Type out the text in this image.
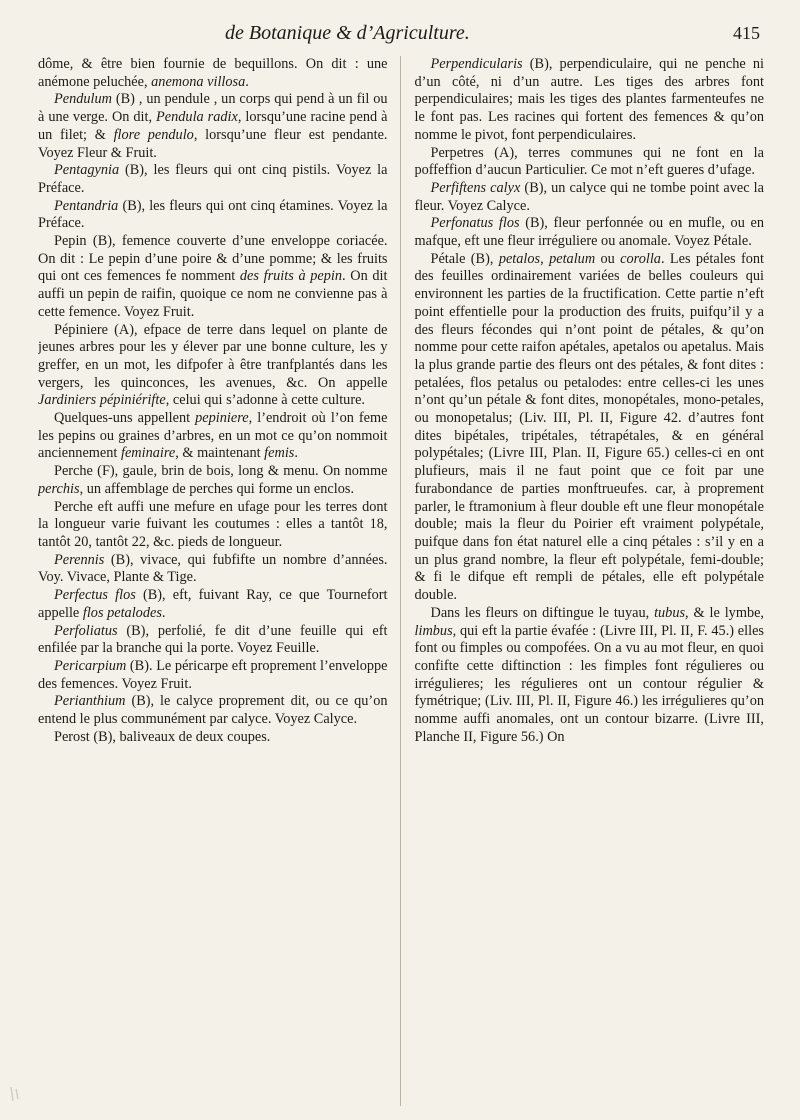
de Botanique & d’Agriculture.	415

dôme, & être bien fournie de bequillons. On dit : une anémone peluchée, anemona villosa.

Pendulum (B) , un pendule , un corps qui pend à un fil ou à une verge. On dit, Pendula radix, lorsqu’une racine pend à un filet; & flore pendulo, lorsqu’une fleur est pendante. Voyez Fleur & Fruit.

Pentagynia (B), les fleurs qui ont cinq pistils. Voyez la Préface.

Pentandria (B), les fleurs qui ont cinq étamines. Voyez la Préface.

Pepin (B), femence couverte d’une enveloppe coriacée. On dit : Le pepin d’une poire & d’une pomme; & les fruits qui ont ces femences fe nomment des fruits à pepin. On dit auffi un pepin de raifin, quoique ce nom ne convienne pas à cette femence. Voyez Fruit.

Pépiniere (A), efpace de terre dans lequel on plante de jeunes arbres pour les y élever par une bonne culture, les y greffer, en un mot, les difpofer à être tranfplantés dans les vergers, les quinconces, les avenues, &c. On appelle Jardiniers pépiniérifte, celui qui s’adonne à cette culture.

Quelques-uns appellent pepiniere, l’endroit où l’on feme les pepins ou graines d’arbres, en un mot ce qu’on nommoit anciennement feminaire, & maintenant femis.

Perche (F), gaule, brin de bois, long & menu. On nomme perchis, un affemblage de perches qui forme un enclos.

Perche eft auffi une mefure en ufage pour les terres dont la longueur varie fuivant les coutumes : elles a tantôt 18, tantôt 20, tantôt 22, &c. pieds de longueur.

Perennis (B), vivace, qui fubfifte un nombre d’années. Voy. Vivace, Plante & Tige.

Perfectus flos (B), eft, fuivant Ray, ce que Tournefort appelle flos petalodes.

Perfoliatus (B), perfolié, fe dit d’une feuille qui eft enfilée par la branche qui la porte. Voyez Feuille.

Pericarpium (B). Le péricarpe eft proprement l’enveloppe des femences. Voyez Fruit.

Perianthium (B), le calyce proprement dit, ou ce qu’on entend le plus communément par calyce. Voyez Calyce.

Perost (B), baliveaux de deux coupes.

Perpendicularis (B), perpendiculaire, qui ne penche ni d’un côté, ni d’un autre. Les tiges des arbres font perpendiculaires; mais les tiges des plantes farmenteufes ne le font pas. Les racines qui fortent des femences & qu’on nomme le pivot, font perpendiculaires.

Perpetres (A), terres communes qui ne font en la poffeffion d’aucun Particulier. Ce mot n’eft gueres d’ufage.

Perfiftens calyx (B), un calyce qui ne tombe point avec la fleur. Voyez Calyce.

Perfonatus flos (B), fleur perfonnée ou en mufle, ou en mafque, eft une fleur irréguliere ou anomale. Voyez Pétale.

Pétale (B), petalos, petalum ou corolla. Les pétales font des feuilles ordinairement variées de belles couleurs qui environnent les parties de la fructification. Cette partie n’eft point effentielle pour la production des fruits, puifqu’il y a des fleurs fécondes qui n’ont point de pétales, & qu’on nomme pour cette raifon apétales, apetalos ou apetalus. Mais la plus grande partie des fleurs ont des pétales, & font dites : petalées, flos petalus ou petalodes: entre celles-ci les unes n’ont qu’un pétale & font dites, monopétales, mono-petales, ou monopetalus; (Liv. III, Pl. II, Figure 42. d’autres font dites bipétales, tripétales, tétrapétales, & en général polypétales; (Livre III, Plan. II, Figure 65.) celles-ci en ont plufieurs, mais il ne faut point que ce foit par une furabondance de parties monftrueufes. car, à proprement parler, le ftramonium à fleur double eft une fleur monopétale double; mais la fleur du Poirier eft vraiment polypétale, puifque dans fon état naturel elle a cinq pétales : s’il y en a un plus grand nombre, la fleur eft polypétale, femi-double; & fi le difque eft rempli de pétales, elle eft polypétale double.

Dans les fleurs on diftingue le tuyau, tubus, & le lymbe, limbus, qui eft la partie évafée : (Livre III, Pl. II, F. 45.) elles font ou fimples ou compofées. On a vu au mot fleur, en quoi confifte cette diftinction : les fimples font régulieres ou irrégulieres; les régulieres ont un contour régulier & fymétrique; (Liv. III, Pl. II, Figure 46.) les irrégulieres qu’on nomme auffi anomales, ont un contour bizarre. (Livre III, Planche II, Figure 56.) On
